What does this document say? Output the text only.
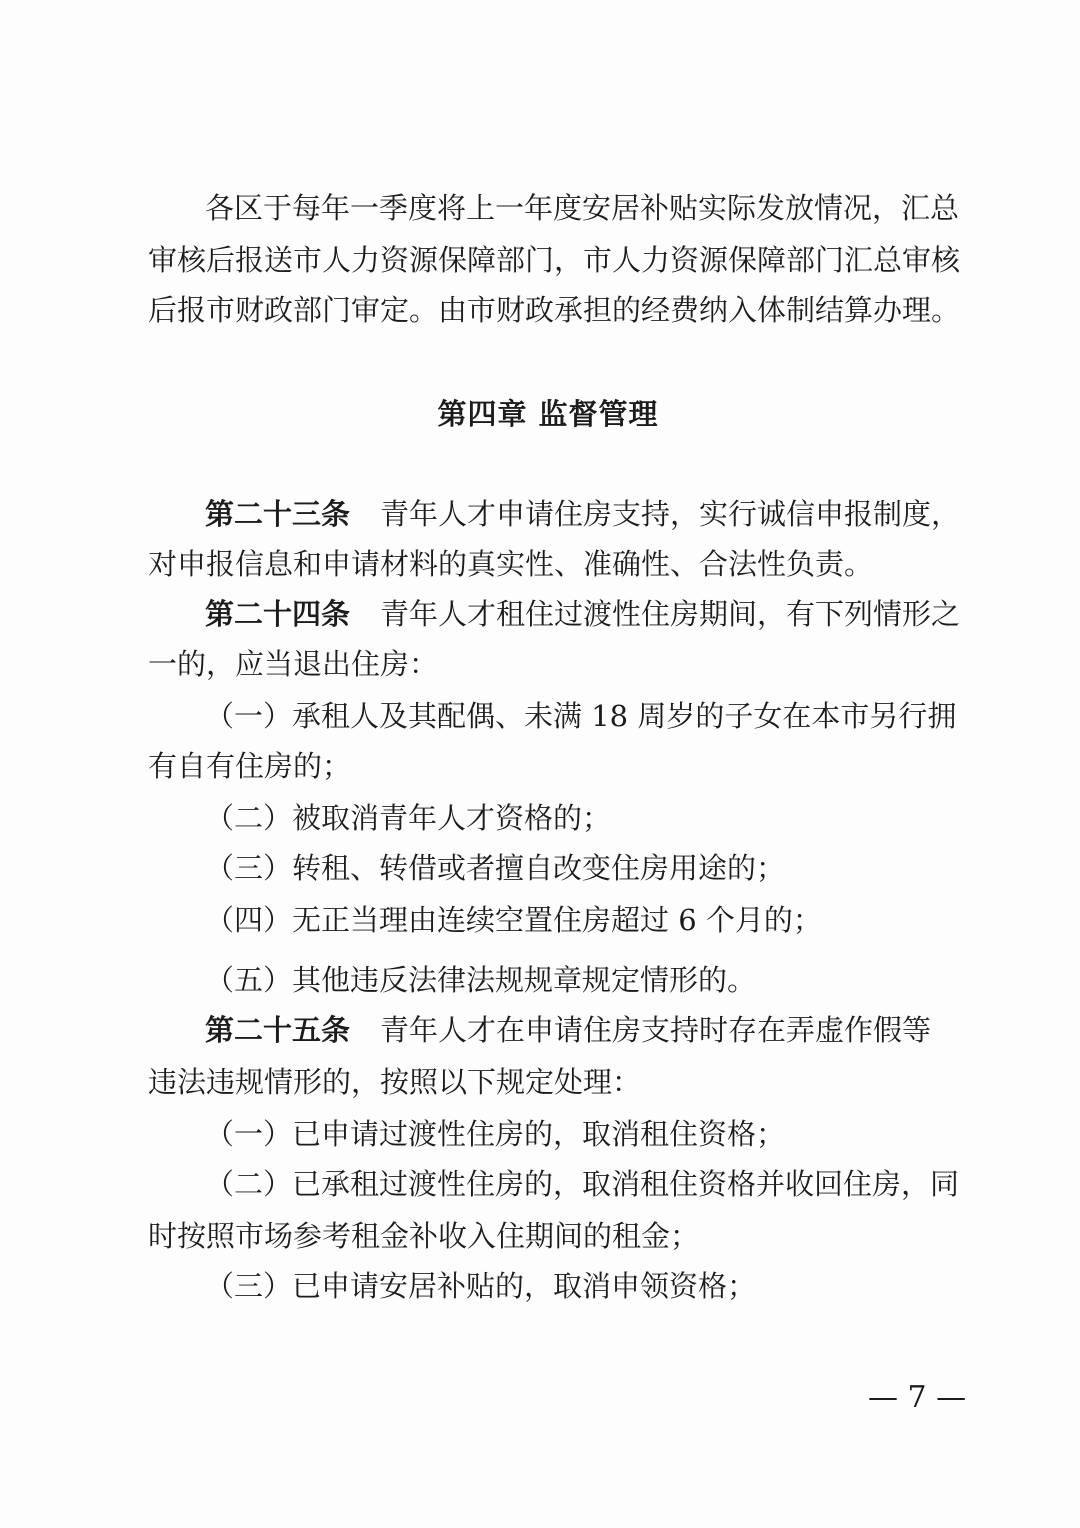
各区于每年一季度将上一年度安居补贴实际发放情况，汇总
审核后报送市人力资源保障部门，市人力资源保障部门汇总审核
后报市财政部门审定。由市财政承担的经费纳入体制结算办理。
第四章 监督管理
第二十三条 青年人才申请住房支持，实行诚信申报制度，
对申报信息和申请材料的真实性、准确性、合法性负责。
第二十四条 青年人才租住过渡性住房期间，有下列情形之
一的，应当退出住房：
（一）承租人及其配偶、未满 18 周岁的子女在本市另行拥
有自有住房的；
（二）被取消青年人才资格的；
（三）转租、转借或者擅自改变住房用途的；
（四）无正当理由连续空置住房超过 6 个月的；
（五）其他违反法律法规规章规定情形的。
第二十五条 青年人才在申请住房支持时存在弄虚作假等
违法违规情形的，按照以下规定处理：
（一）已申请过渡性住房的，取消租住资格；
（二）已承租过渡性住房的，取消租住资格并收回住房，同
时按照市场参考租金补收入住期间的租金；
（三）已申请安居补贴的，取消申领资格；
— 7 —
